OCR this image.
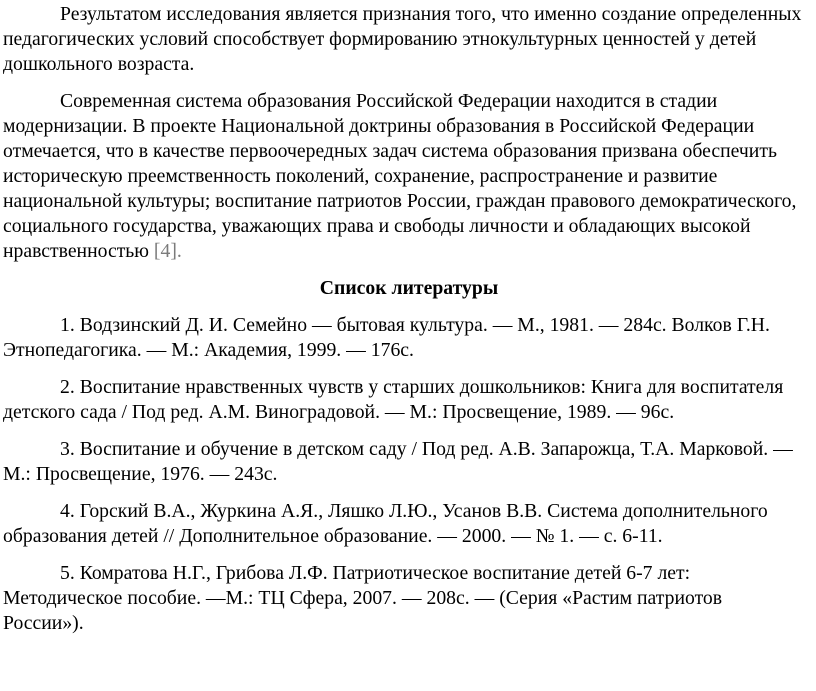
Результатом исследования является признания того, что именно создание определенных педагогических условий способствует формированию этнокультурных ценностей у детей дошкольного возраста.

Современная система образования Российской Федерации находится в стадии модернизации. В проекте Национальной доктрины образования в Российской Федерации отмечается, что в качестве первоочередных задач система образования призвана обеспечить историческую преемственность поколений, сохранение, распространение и развитие национальной культуры; воспитание патриотов России, граждан правового демократического, социального государства, уважающих права и свободы личности и обладающих высокой нравственностью [4].

Список литературы

1. Водзинский Д. И. Семейно — бытовая культура. — М., 1981. — 284с. Волков Г.Н. Этнопедагогика. — М.: Академия, 1999. — 176с.

2. Воспитание нравственных чувств у старших дошкольников: Книга для воспитателя детского сада / Под ред. А.М. Виноградовой. — М.: Просвещение, 1989. — 96с.

3. Воспитание и обучение в детском саду / Под ред. А.В. Запарожца, Т.А. Марковой. — М.: Просвещение, 1976. — 243с.

4. Горский В.А., Журкина А.Я., Ляшко Л.Ю., Усанов В.В. Система дополнительного образования детей // Дополнительное образование. — 2000. — № 1. — с. 6-11.

5. Комратова Н.Г., Грибова Л.Ф. Патриотическое воспитание детей 6-7 лет: Методическое пособие. —М.: ТЦ Сфера, 2007. — 208с. — (Серия «Растим патриотов России»).
